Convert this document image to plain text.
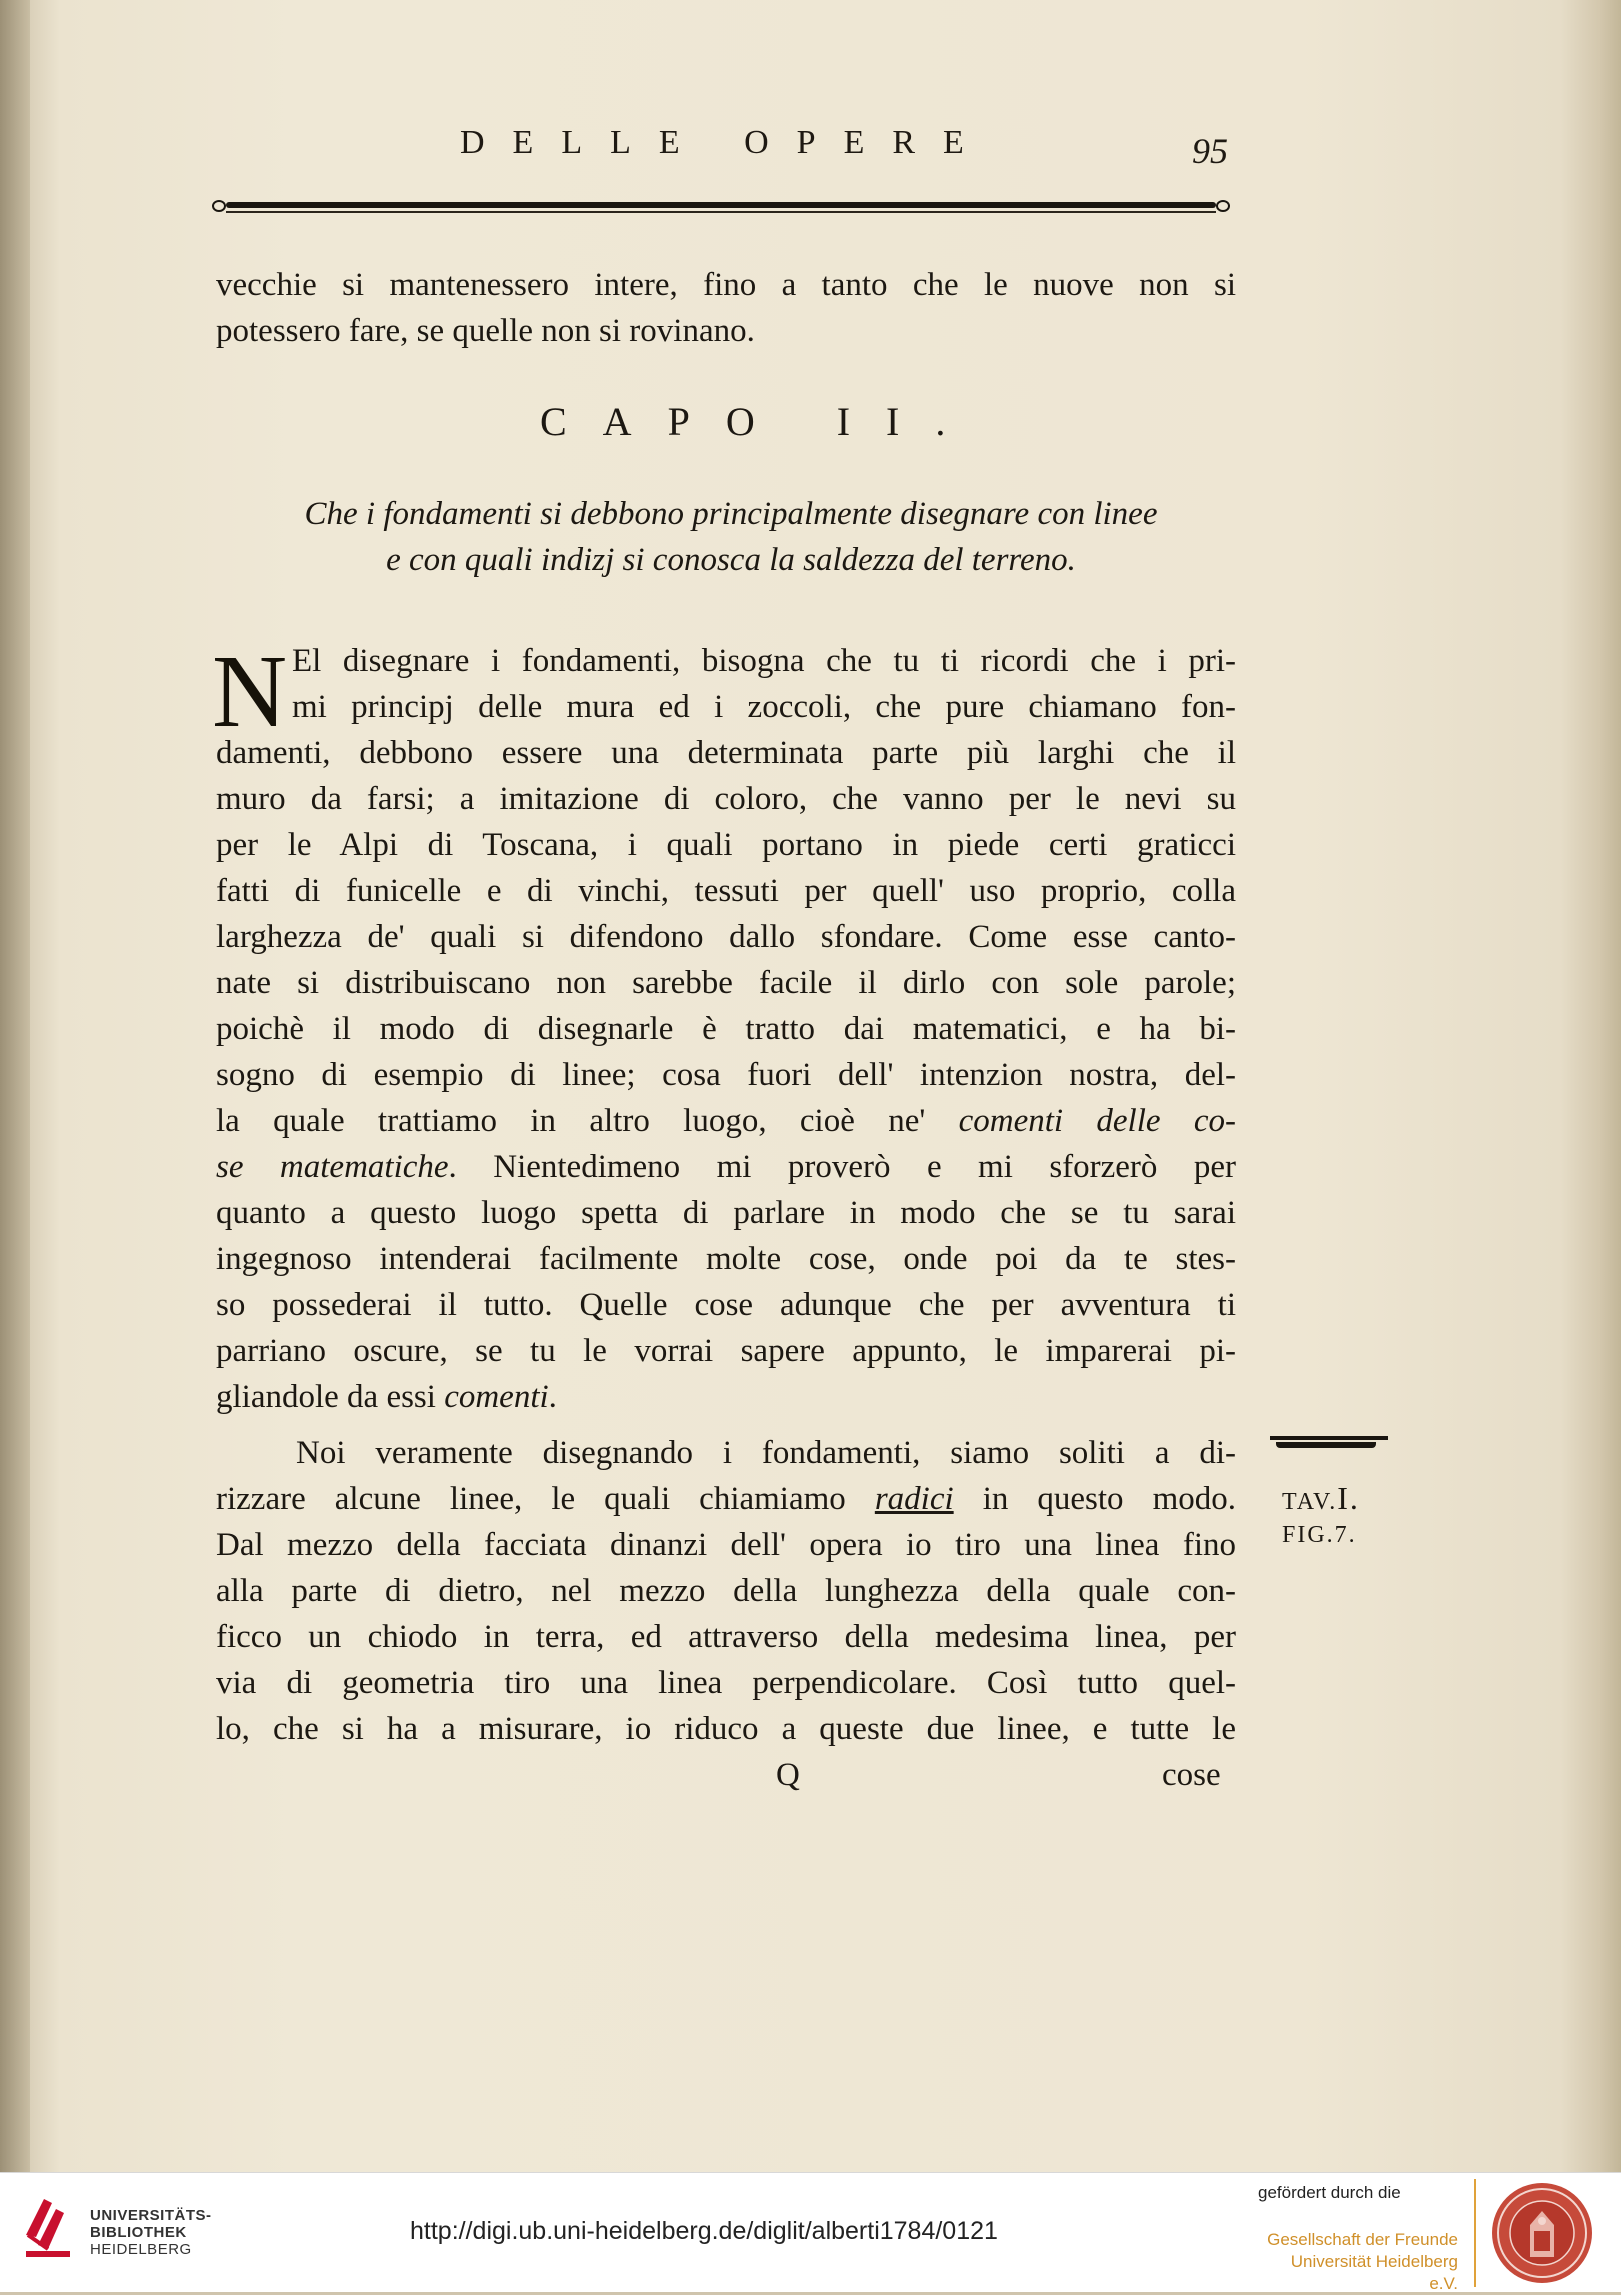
DELLE OPERE	95
vecchie si mantenessero intere, fino a tanto che le nuove non si
potessero fare, se quelle non si rovinano.
CAPO II.
Che i fondamenti si debbono principalmente disegnare con linee
e con quali indizj si conosca la saldezza del terreno.
N El disegnare i fondamenti, bisogna che tu ti ricordi che i pri-
mi principj delle mura ed i zoccoli, che pure chiamano fon-
damenti, debbono essere una determinata parte più larghi che il
muro da farsi; a imitazione di coloro, che vanno per le nevi su
per le Alpi di Toscana, i quali portano in piede certi graticci
fatti di funicelle e di vinchi, tessuti per quell' uso proprio, colla
larghezza de' quali si difendono dallo sfondare. Come esse canto-
nate si distribuiscano non sarebbe facile il dirlo con sole parole;
poichè il modo di disegnarle è tratto dai matematici, e ha bi-
sogno di esempio di linee; cosa fuori dell' intenzion nostra, del-
la quale trattiamo in altro luogo, cioè ne' comenti delle co-
se matematiche. Nientedimeno mi proverò e mi sforzerò per
quanto a questo luogo spetta di parlare in modo che se tu sarai
ingegnoso intenderai facilmente molte cose, onde poi da te stes-
so possederai il tutto. Quelle cose adunque che per avventura ti
parriano oscure, se tu le vorrai sapere appunto, le imparerai pi-
gliandole da essi comenti.
Noi veramente disegnando i fondamenti, siamo soliti a di-
rizzare alcune linee, le quali chiamiamo radici in questo modo.
Dal mezzo della facciata dinanzi dell' opera io tiro una linea fino
alla parte di dietro, nel mezzo della lunghezza della quale con-
ficco un chiodo in terra, ed attraverso della medesima linea, per
via di geometria tiro una linea perpendicolare. Così tutto quel-
lo, che si ha a misurare, io riduco a queste due linee, e tutte le
Q	cose
TAV.I.
FIG.7.
UNIVERSITÄTS-
BIBLIOTHEK
HEIDELBERG
http://digi.ub.uni-heidelberg.de/diglit/alberti1784/0121
gefördert durch die
Gesellschaft der Freunde
Universität Heidelberg e.V.
